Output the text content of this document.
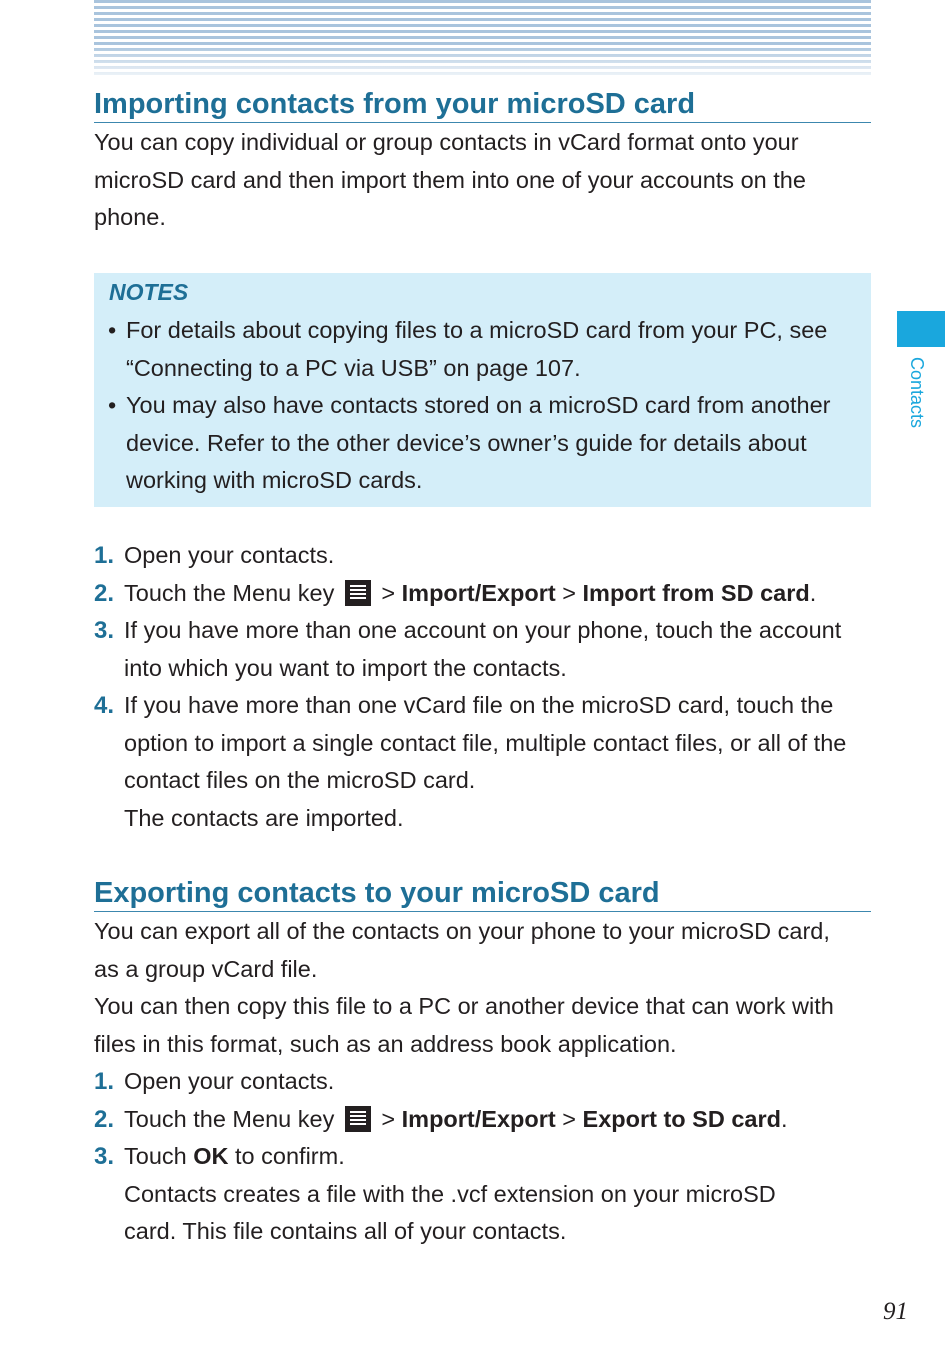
Importing contacts from your microSD card

You can copy individual or group contacts in vCard format onto your microSD card and then import them into one of your accounts on the phone.

NOTES
• For details about copying files to a microSD card from your PC, see “Connecting to a PC via USB” on page 107.
• You may also have contacts stored on a microSD card from another device. Refer to the other device’s owner’s guide for details about working with microSD cards.
1. Open your contacts.
2. Touch the Menu key > Import/Export > Import from SD card.
3. If you have more than one account on your phone, touch the account into which you want to import the contacts.
4. If you have more than one vCard file on the microSD card, touch the option to import a single contact file, multiple contact files, or all of the contact files on the microSD card.
The contacts are imported.
Exporting contacts to your microSD card

You can export all of the contacts on your phone to your microSD card, as a group vCard file.

You can then copy this file to a PC or another device that can work with files in this format, such as an address book application.

1. Open your contacts.
2. Touch the Menu key > Import/Export > Export to SD card.
3. Touch OK to confirm.
Contacts creates a file with the .vcf extension on your microSD card. This file contains all of your contacts.
Contacts
91
